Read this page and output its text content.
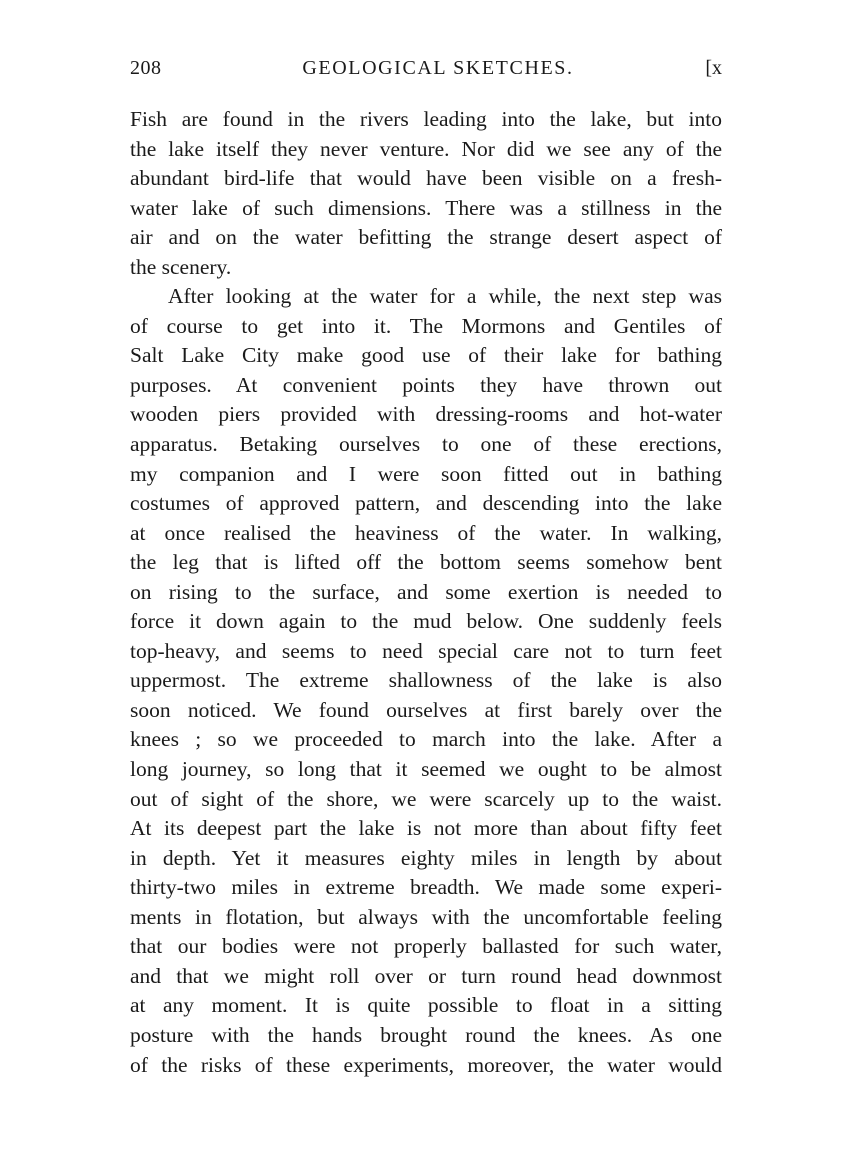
208	GEOLOGICAL SKETCHES.	[x
Fish are found in the rivers leading into the lake, but into
the lake itself they never venture. Nor did we see any of the
abundant bird-life that would have been visible on a fresh-
water lake of such dimensions. There was a stillness in the
air and on the water befitting the strange desert aspect of
the scenery.
After looking at the water for a while, the next step was
of course to get into it. The Mormons and Gentiles of
Salt Lake City make good use of their lake for bathing
purposes. At convenient points they have thrown out
wooden piers provided with dressing-rooms and hot-water
apparatus. Betaking ourselves to one of these erections,
my companion and I were soon fitted out in bathing
costumes of approved pattern, and descending into the lake
at once realised the heaviness of the water. In walking,
the leg that is lifted off the bottom seems somehow bent
on rising to the surface, and some exertion is needed to
force it down again to the mud below. One suddenly feels
top-heavy, and seems to need special care not to turn feet
uppermost. The extreme shallowness of the lake is also
soon noticed. We found ourselves at first barely over the
knees ; so we proceeded to march into the lake. After a
long journey, so long that it seemed we ought to be almost
out of sight of the shore, we were scarcely up to the waist.
At its deepest part the lake is not more than about fifty feet
in depth. Yet it measures eighty miles in length by about
thirty-two miles in extreme breadth. We made some experi-
ments in flotation, but always with the uncomfortable feeling
that our bodies were not properly ballasted for such water,
and that we might roll over or turn round head downmost
at any moment. It is quite possible to float in a sitting
posture with the hands brought round the knees. As one
of the risks of these experiments, moreover, the water would
